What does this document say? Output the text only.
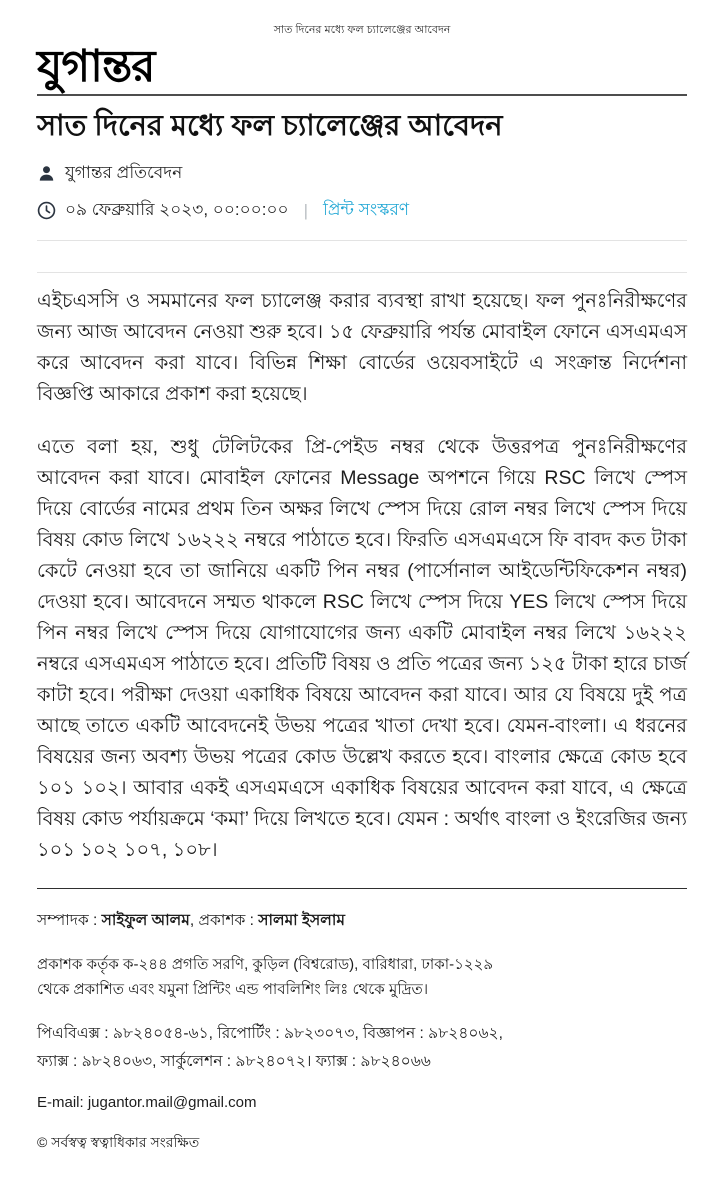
সাত দিনের মধ্যে ফল চ্যালেঞ্জের আবেদন
যুগান্তর
সাত দিনের মধ্যে ফল চ্যালেঞ্জের আবেদন
যুগান্তর প্রতিবেদন
০৯ ফেব্রুয়ারি ২০২৩, ০০:০০:০০ | প্রিন্ট সংস্করণ

এইচএসসি ও সমমানের ফল চ্যালেঞ্জ করার ব্যবস্থা রাখা হয়েছে। ফল পুনঃনিরীক্ষণের জন্য আজ আবেদন নেওয়া শুরু হবে। ১৫ ফেব্রুয়ারি পর্যন্ত মোবাইল ফোনে এসএমএস করে আবেদন করা যাবে। বিভিন্ন শিক্ষা বোর্ডের ওয়েবসাইটে এ সংক্রান্ত নির্দেশনা বিজ্ঞপ্তি আকারে প্রকাশ করা হয়েছে।

এতে বলা হয়, শুধু টেলিটকের প্রি-পেইড নম্বর থেকে উত্তরপত্র পুনঃনিরীক্ষণের আবেদন করা যাবে। মোবাইল ফোনের Message অপশনে গিয়ে RSC লিখে স্পেস দিয়ে বোর্ডের নামের প্রথম তিন অক্ষর লিখে স্পেস দিয়ে রোল নম্বর লিখে স্পেস দিয়ে বিষয় কোড লিখে ১৬২২২ নম্বরে পাঠাতে হবে। ফিরতি এসএমএসে ফি বাবদ কত টাকা কেটে নেওয়া হবে তা জানিয়ে একটি পিন নম্বর (পার্সোনাল আইডেন্টিফিকেশন নম্বর) দেওয়া হবে। আবেদনে সম্মত থাকলে RSC লিখে স্পেস দিয়ে YES লিখে স্পেস দিয়ে পিন নম্বর লিখে স্পেস দিয়ে যোগাযোগের জন্য একটি মোবাইল নম্বর লিখে ১৬২২২ নম্বরে এসএমএস পাঠাতে হবে। প্রতিটি বিষয় ও প্রতি পত্রের জন্য ১২৫ টাকা হারে চার্জ কাটা হবে। পরীক্ষা দেওয়া একাধিক বিষয়ে আবেদন করা যাবে। আর যে বিষয়ে দুই পত্র আছে তাতে একটি আবেদনেই উভয় পত্রের খাতা দেখা হবে। যেমন-বাংলা। এ ধরনের বিষয়ের জন্য অবশ্য উভয় পত্রের কোড উল্লেখ করতে হবে। বাংলার ক্ষেত্রে কোড হবে ১০১ ১০২। আবার একই এসএমএসে একাধিক বিষয়ের আবেদন করা যাবে, এ ক্ষেত্রে বিষয় কোড পর্যায়ক্রমে ‘কমা’ দিয়ে লিখতে হবে। যেমন : অর্থাৎ বাংলা ও ইংরেজির জন্য ১০১ ১০২ ১০৭, ১০৮।

সম্পাদক : সাইফুল আলম, প্রকাশক : সালমা ইসলাম
প্রকাশক কর্তৃক ক-২৪৪ প্রগতি সরণি, কুড়িল (বিশ্বরোড), বারিধারা, ঢাকা-১২২৯
থেকে প্রকাশিত এবং যমুনা প্রিন্টিং এন্ড পাবলিশিং লিঃ থেকে মুদ্রিত।
পিএবিএক্স : ৯৮২৪০৫৪-৬১, রিপোর্টিং : ৯৮২৩০৭৩, বিজ্ঞাপন : ৯৮২৪০৬২,
ফ্যাক্স : ৯৮২৪০৬৩, সার্কুলেশন : ৯৮২৪০৭২। ফ্যাক্স : ৯৮২৪০৬৬
E-mail: jugantor.mail@gmail.com
© সর্বস্বত্ব স্বত্বাধিকার সংরক্ষিত
